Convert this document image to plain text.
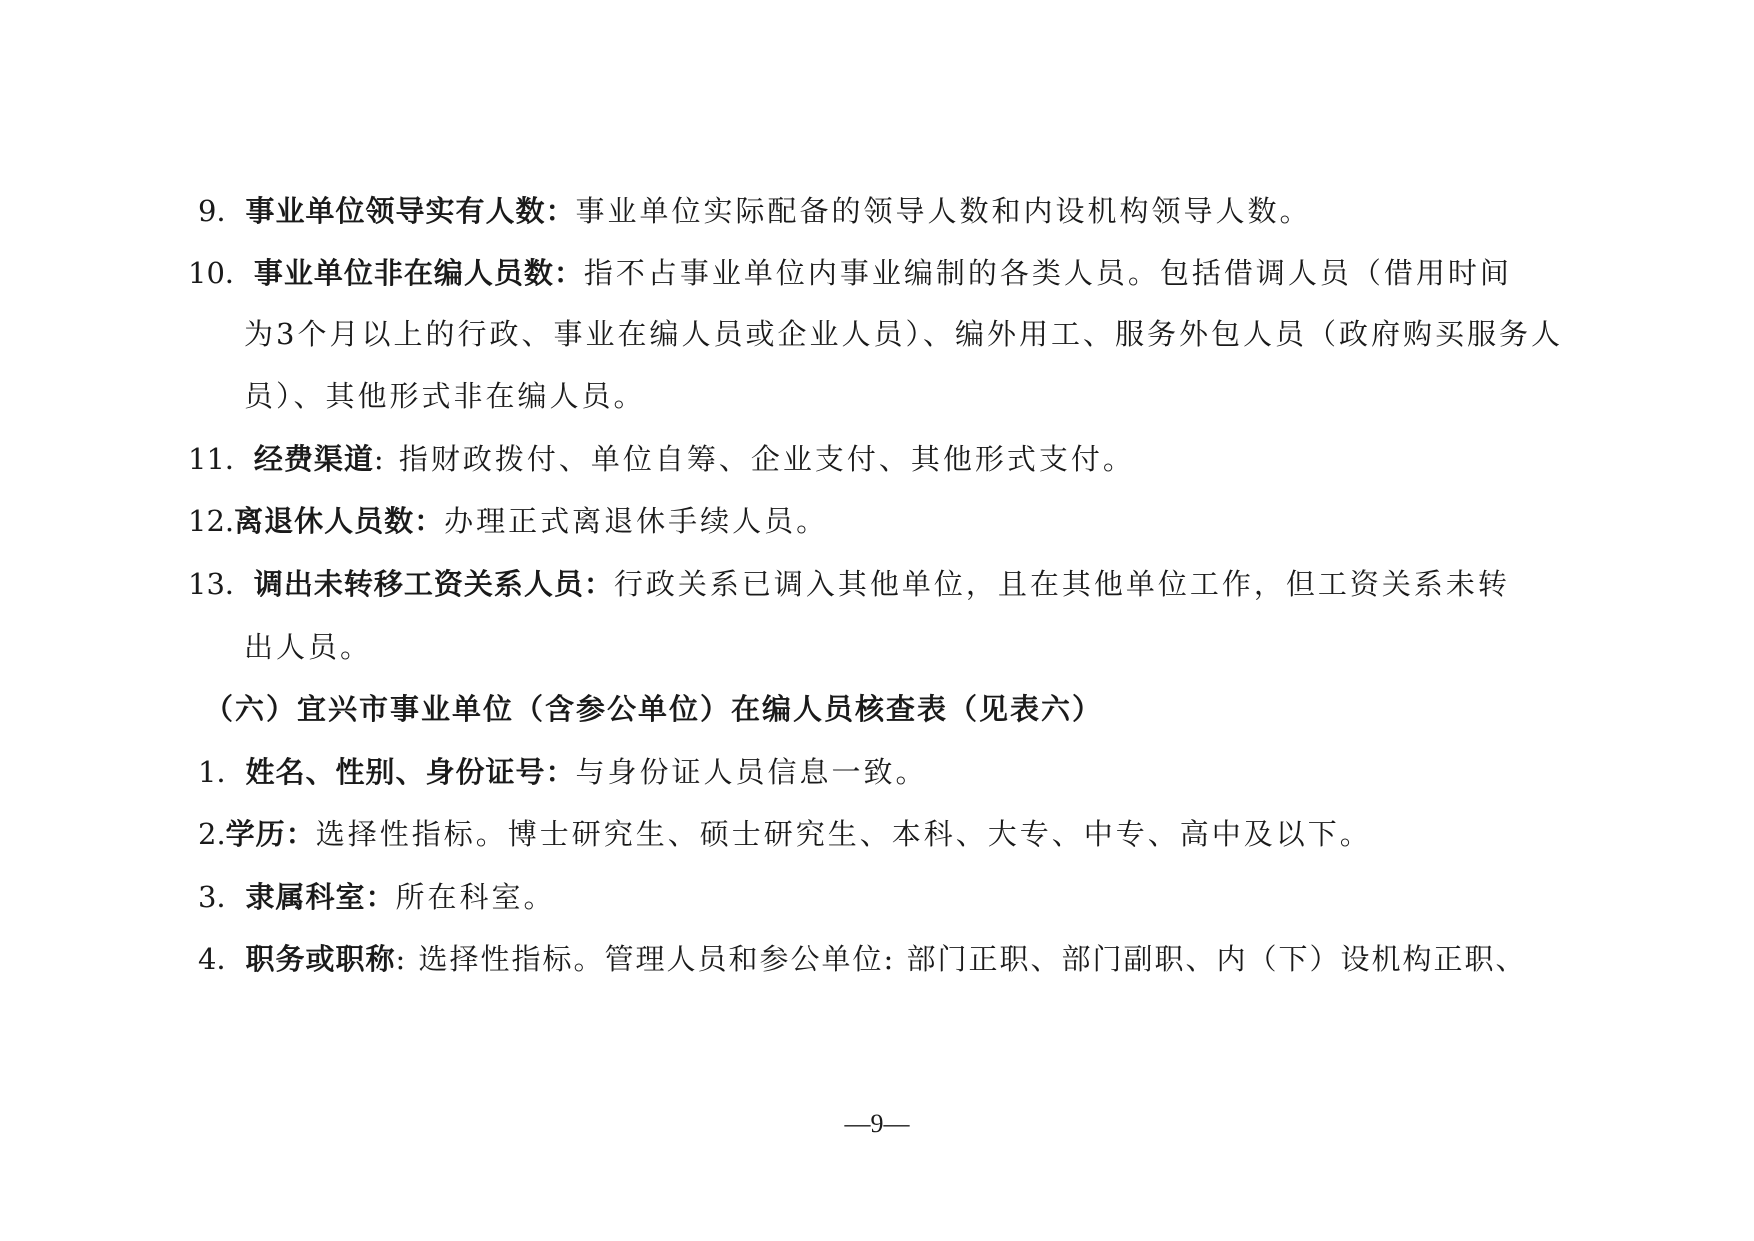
9．事业单位领导实有人数：事业单位实际配备的领导人数和内设机构领导人数。
10．事业单位非在编人员数：指不占事业单位内事业编制的各类人员。包括借调人员（借用时间
为3个月以上的行政、事业在编人员或企业人员）、编外用工、服务外包人员（政府购买服务人
员）、其他形式非在编人员。
11．经费渠道: 指财政拨付、单位自筹、企业支付、其他形式支付。
12.离退休人员数：办理正式离退休手续人员。
13．调出未转移工资关系人员：行政关系已调入其他单位，且在其他单位工作，但工资关系未转
出人员。
（六）宜兴市事业单位（含参公单位）在编人员核查表（见表六）
1．姓名、性别、身份证号：与身份证人员信息一致。
2.学历：选择性指标。博士研究生、硕士研究生、本科、大专、中专、高中及以下。
3．隶属科室：所在科室。
4．职务或职称: 选择性指标。管理人员和参公单位: 部门正职、部门副职、内（下）设机构正职、
—9—
